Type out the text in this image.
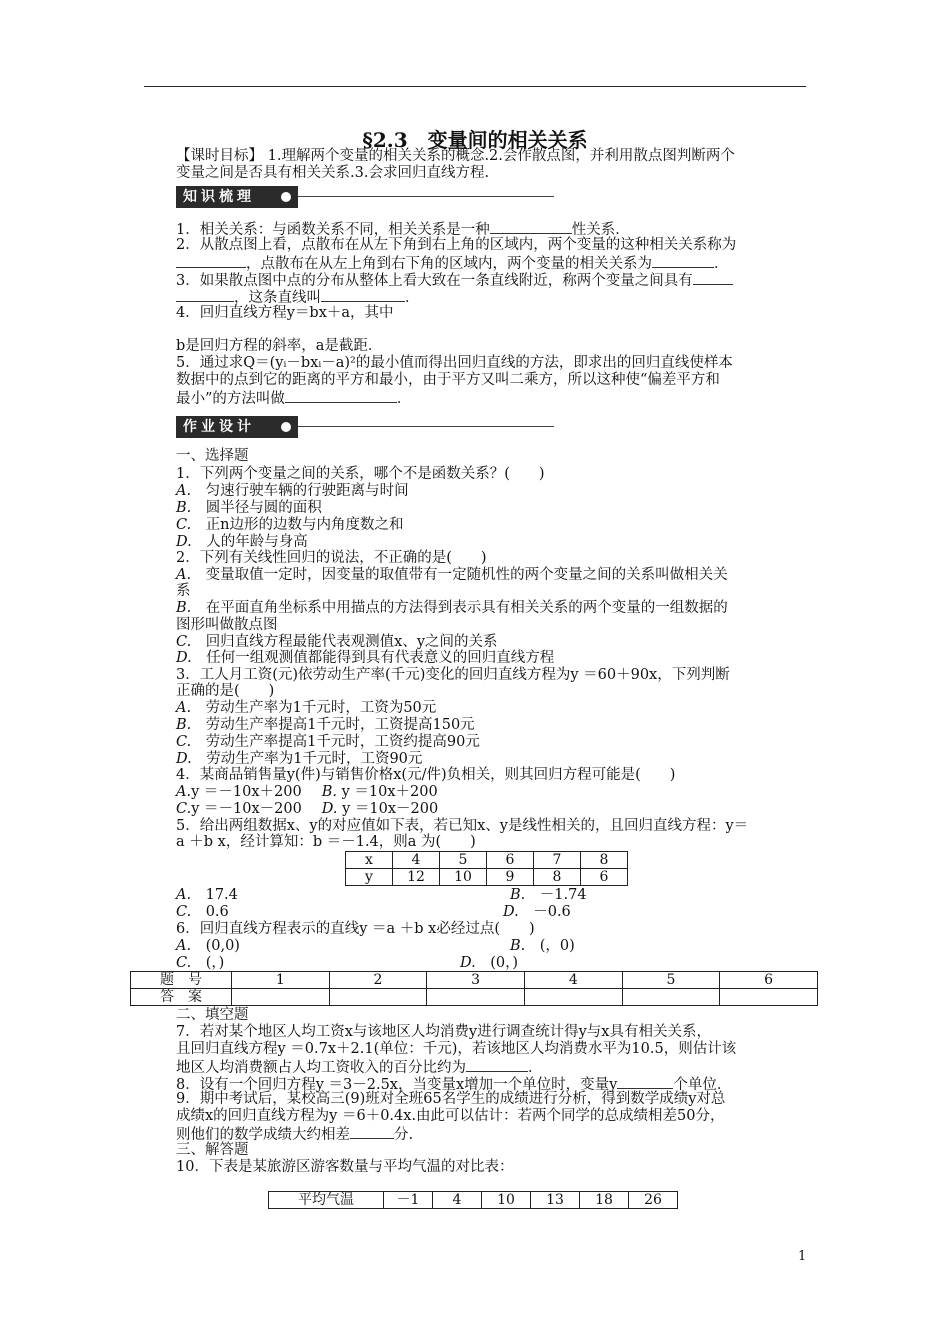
§2.3　变量间的相关关系
【课时目标】 1.理解两个变量的相关关系的概念.2.会作散点图，并利用散点图判断两个
变量之间是否具有相关关系.3.会求回归直线方程.
知识梳理
1．相关关系：与函数关系不同，相关关系是一种	性关系．
2．从散点图上看，点散布在从左下角到右上角的区域内，两个变量的这种相关关系称为
，点散布在从左上角到右下角的区域内，两个变量的相关关系为	．
3．如果散点图中点的分布从整体上看大致在一条直线附近，称两个变量之间具有
，这条直线叫	．
4．回归直线方程y＝bx＋a，其中
b是回归方程的斜率，a是截距．
5．通过求Q＝(yᵢ－bxᵢ－a)²的最小值而得出回归直线的方法，即求出的回归直线使样本
数据中的点到它的距离的平方和最小，由于平方又叫二乘方，所以这种使“偏差平方和
最小”的方法叫做	．
作业设计
一、选择题
1．下列两个变量之间的关系，哪个不是函数关系？(　　)
A.　 匀速行驶车辆的行驶距离与时间
B.　 圆半径与圆的面积
C.　 正n边形的边数与内角度数之和
D.　 人的年龄与身高
2．下列有关线性回归的说法，不正确的是(　　)
A.　 变量取值一定时，因变量的取值带有一定随机性的两个变量之间的关系叫做相关关
系
B.　 在平面直角坐标系中用描点的方法得到表示具有相关关系的两个变量的一组数据的
图形叫做散点图
C.　 回归直线方程最能代表观测值x、y之间的关系
D.　 任何一组观测值都能得到具有代表意义的回归直线方程
3．工人月工资(元)依劳动生产率(千元)变化的回归直线方程为y ＝60＋90x，下列判断
正确的是(　　)
A.　 劳动生产率为1千元时，工资为50元
B.　 劳动生产率提高1千元时，工资提高150元
C.　 劳动生产率提高1千元时，工资约提高90元
D.　 劳动生产率为1千元时，工资90元
4．某商品销售量y(件)与销售价格x(元/件)负相关，则其回归方程可能是(　　)
A.y ＝－10x＋200 B. y ＝10x＋200
C.y ＝－10x－200 D. y ＝10x－200
5．给出两组数据x、y的对应值如下表，若已知x、y是线性相关的，且回归直线方程：y＝
a ＋b x，经计算知：b ＝－1.4，则a 为(　　)
x	4	5	6	7	8
y	12	10	9	8	6
A.　 17.4	B.　 －1.74
C.　 0.6	D.　 －0.6
6．回归直线方程表示的直线y ＝a ＋b x必经过点(　　)
A.　 (0,0)	B.　 (，0)
C.　 (，)	D.　 (0，)
题　号	1	2	3	4	5	6
答　案						
二、填空题
7．若对某个地区人均工资x与该地区人均消费y进行调查统计得y与x具有相关关系，
且回归直线方程y ＝0.7x＋2.1(单位：千元)，若该地区人均消费水平为10.5，则估计该
地区人均消费额占人均工资收入的百分比约为	．
8．设有一个回归方程y ＝3－2.5x，当变量x增加一个单位时，变量y	个单位．
9．期中考试后，某校高三(9)班对全班65名学生的成绩进行分析，得到数学成绩y对总
成绩x的回归直线方程为y ＝6＋0.4x.由此可以估计：若两个同学的总成绩相差50分，
则他们的数学成绩大约相差	分.
三、解答题
10．下表是某旅游区游客数量与平均气温的对比表：
平均气温	－1	4	10	13	18	26
1
